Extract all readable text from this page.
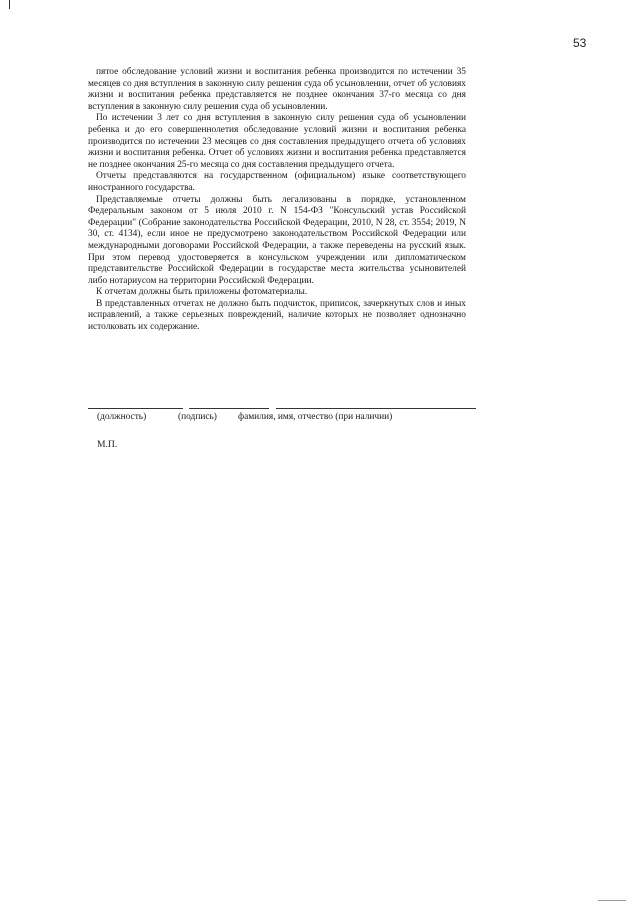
53

пятое обследование условий жизни и воспитания ребенка производится по истечении 35 месяцев со дня вступления в законную силу решения суда об усыновлении, отчет об условиях жизни и воспитания ребенка представляется не позднее окончания 37-го месяца со дня вступления в законную силу решения суда об усыновлении.

По истечении 3 лет со дня вступления в законную силу решения суда об усыновлении ребенка и до его совершеннолетия обследование условий жизни и воспитания ребенка производится по истечении 23 месяцев со дня составления предыдущего отчета об условиях жизни и воспитания ребенка. Отчет об условиях жизни и воспитания ребенка представляется не позднее окончания 25-го месяца со дня составления предыдущего отчета.

Отчеты представляются на государственном (официальном) языке соответствующего иностранного государства.

Представляемые отчеты должны быть легализованы в порядке, установленном Федеральным законом от 5 июля 2010 г. N 154-ФЗ "Консульский устав Российской Федерации" (Собрание законодательства Российской Федерации, 2010, N 28, ст. 3554; 2019, N 30, ст. 4134), если иное не предусмотрено законодательством Российской Федерации или международными договорами Российской Федерации, а также переведены на русский язык. При этом перевод удостоверяется в консульском учреждении или дипломатическом представительстве Российской Федерации в государстве места жительства усыновителей либо нотариусом на территории Российской Федерации.

К отчетам должны быть приложены фотоматериалы.

В представленных отчетах не должно быть подчисток, приписок, зачеркнутых слов и иных исправлений, а также серьезных повреждений, наличие которых не позволяет однозначно истолковать их содержание.

(должность)	(подпись) фамилия, имя, отчество (при наличии)
М.П.
